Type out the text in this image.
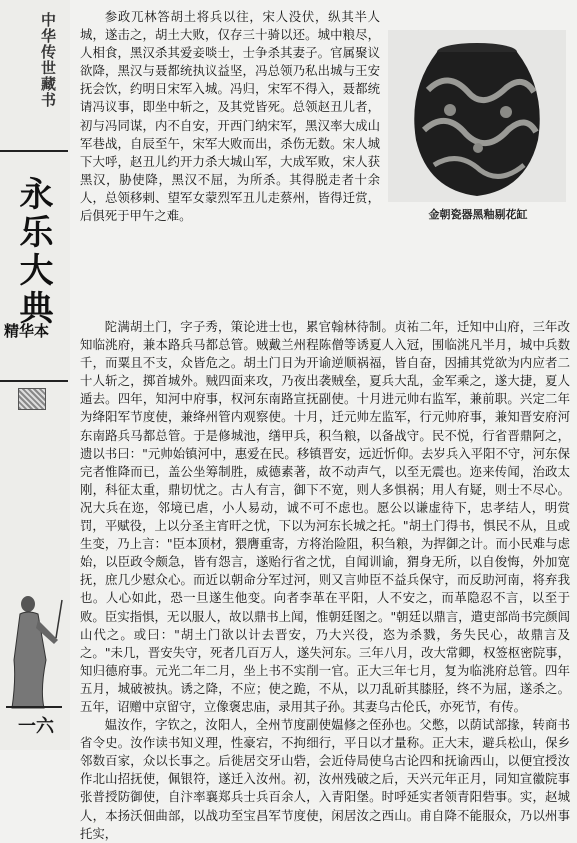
中华传世藏书
永乐大典
精华本
一六

参政兀林答胡土将兵以往，宋人没伏，纵其半人城，遂击之，胡土大败，仅存三十骑以还。城中粮尽，人相食，黑汉杀其爱妾啖士，士争杀其妻子。官属聚议欲降，黑汉与聂都统执议益坚，冯总领乃私出城与王安抚会饮，约明日宋军入城。冯归，宋军不得入，聂都统请冯议事，即坐中斩之，及其党皆死。总领赵丑儿者，初与冯同谋，内不自安，开西门纳宋军，黑汉率大成山军巷战，自辰至午，宋军大败而出，杀伤无数。宋人城下大呼，赵丑儿约开力杀大城山军，大成军败，宋人获黑汉，胁使降，黑汉不屈，为所杀。其得脱走者十余人，总领移剌、望军女蒙烈军丑儿走蔡州，皆得迁赏，后俱死于甲午之难。	金朝瓷器黑釉剔花缸

陀满胡土门，字子秀，策论进士也，累官翰林待制。贞祐二年，迁知中山府，三年改知临洮府，兼本路兵马都总管。贼戴兰州程陈僧等诱夏人入冠，围临洮凡半月，城中兵数千，而粟且不支，众皆危之。胡土门日为开谕逆顺祸福，皆自奋，因捕其党欲为内应者二十人斩之，掷首城外。贼四面来攻，乃夜出袭贼垒，夏兵大乱，金军乘之，遂大捷，夏人遁去。四年，知河中府事，权河东南路宣抚副使。十月进元帅右监军，兼前职。兴定二年为绛阳军节度使，兼绛州管内观察使。十月，迁元帅左监军，行元帅府事，兼知晋安府河东南路兵马都总管。于是修城池，缮甲兵，积刍粮，以备战守。民不悦，行省晋鼎阿之，遗以书曰："元帅始镇河中，惠爱在民。移镇晋安，远近忻仰。去岁兵入平阳不守，河东保完者惟降而已，盖公坐筹制胜，威德素著，故不动声气，以至无震也。迩来传闻，治政太刚，科征太重，鼎切忧之。古人有言，御下不宽，则人多惧祸；用人有疑，则士不尽心。况大兵在迩，邻境已虐，小人易动，诚不可不虑也。愿公以谦虚待下，忠孝结人，明赏罚，平赋役，上以分圣主宵旰之忧，下以为河东长城之托。"胡土门得书，惧民不从，且或生变，乃上言："臣本顶材，猥膺重寄，方将治险阻，积刍粮，为捍御之计。而小民难与虑始，以臣政令颇急，皆有怨言，遂贻行省之忧，自闻训谕，猬身无所，以自俊悔，外加宽抚，庶几少慰众心。而近以朝命分军过河，则又言帅臣不益兵保守，而反助河南，将弃我也。人心如此，恐一旦遂生他变。向者李革在平阳，人不安之，而革隐忍不言，以至于败。臣实指惧，无以服人，故以鼎书上闻，惟朝廷图之。"朝廷以鼎言，遣吏部尚书完颜闾山代之。或曰："胡土门欲以计去晋安，乃大兴役，恣为杀戮，务失民心，故鼎言及之。"未几，晋安失守，死者几百万人，遂失河东。三年八月，改大常卿，权签枢密院事，知归德府事。元光二年二月，坐上书不实削一官。正大三年七月，复为临洮府总管。四年五月，城破被执。诱之降，不应；使之跪，不从，以刀乱斫其膝胫，终不为屈，遂杀之。五年，诏赠中京留守，立像褒忠庙，录用其子孙。其妻乌古伦氏，亦死节，有传。

媪汝作，字钦之，汝阳人，全州节度副使媪修之侄孙也。父憋，以荫试部掾，转商书省令史。汝作读书知义理，性豪宕，不拘细行，平日以才量称。正大末，避兵松山，保乡邻数百家，众以长事之。后徙居交牙山砦，会近侍局使乌古论四和抚谕西山，以便宜授汝作北山招抚使，佩银符，遂迁入汝州。初，汝州残破之后，天兴元年正月，同知宣徽院事张普授防御使，自汴率襄郑兵士兵百余人，入青阳堡。时呼延实者领青阳砦事。实，赵城人，本扬沃佃曲部，以战功至宝昌军节度使，闲居汝之西山。甫自降不能服众，乃以州事托实，
